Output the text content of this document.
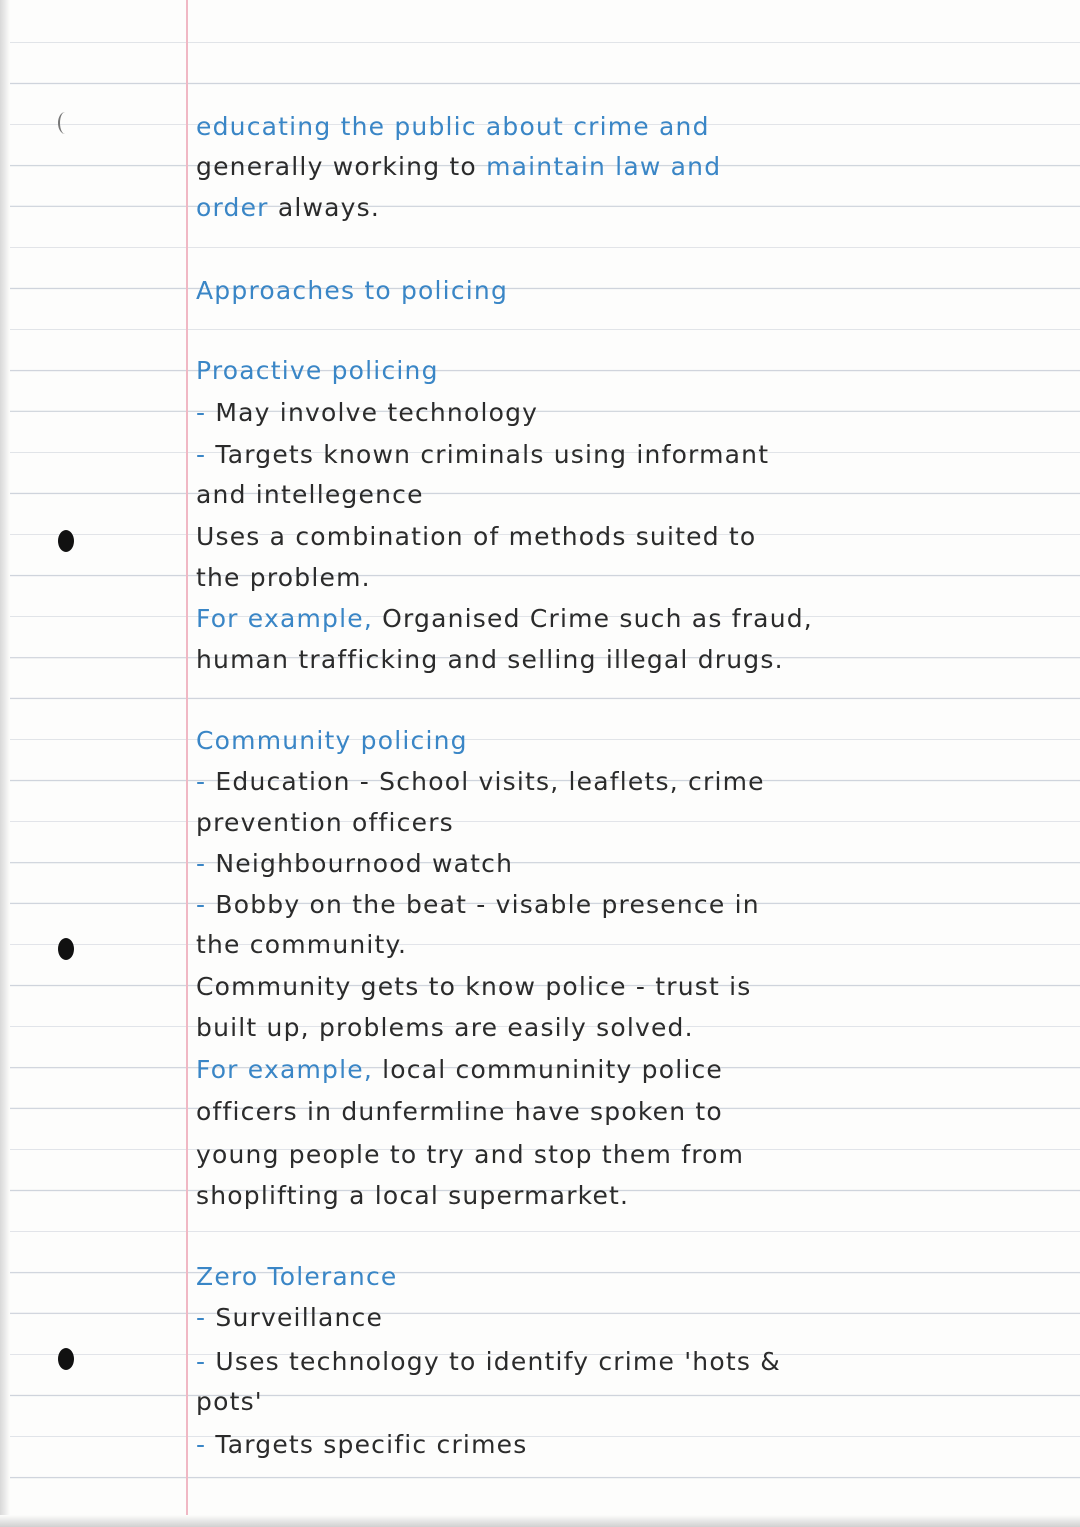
educating the public about crime and
generally working to maintain law and
order always.
Approaches to policing
Proactive policing
- May involve technology
- Targets known criminals using informant
and intellegence
Uses a combination of methods suited to
the problem.
For example, Organised Crime such as fraud,
human trafficking and selling illegal drugs.
Community policing
- Education - School visits, leaflets, crime
prevention officers
- Neighbournood watch
- Bobby on the beat - visable presence in
the community.
Community gets to know police - trust is
built up, problems are easily solved.
For example, local communinity police
officers in dunfermline have spoken to
young people to try and stop them from
shoplifting a local supermarket.
Zero Tolerance
- Surveillance
- Uses technology to identify crime 'hots &
pots'
- Targets specific crimes
